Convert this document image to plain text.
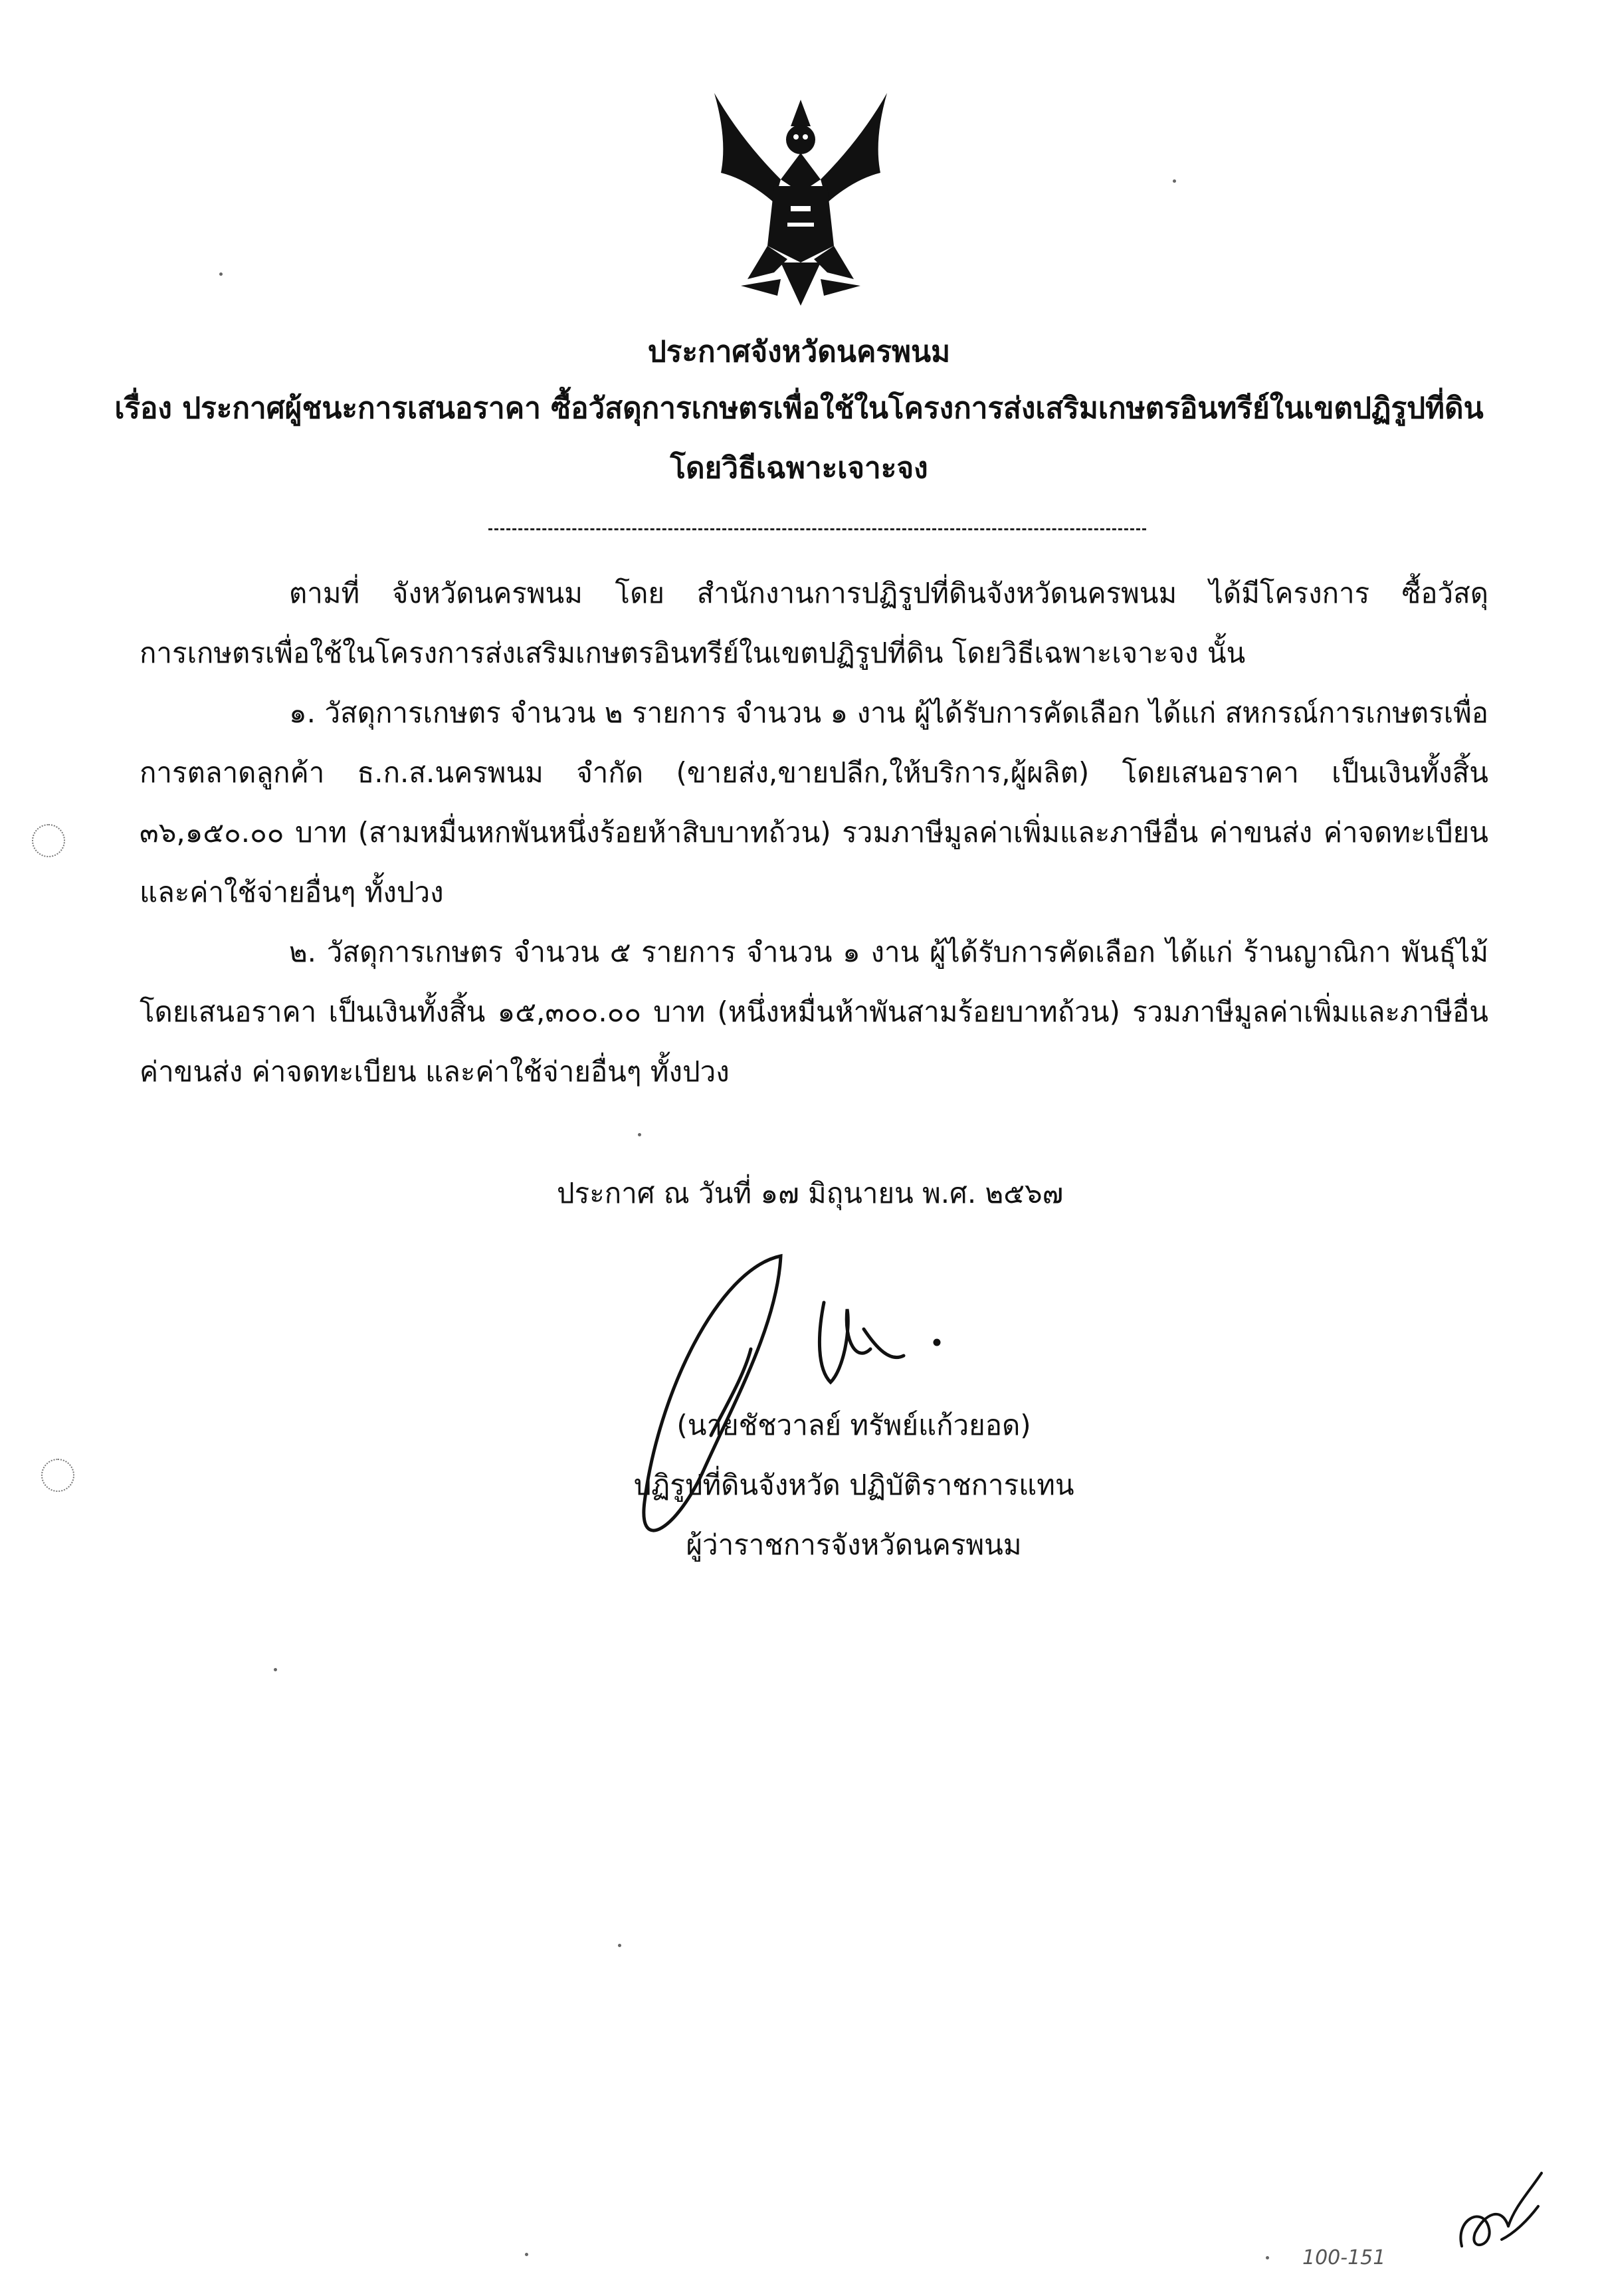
ประกาศจังหวัดนครพนม
เรื่อง ประกาศผู้ชนะการเสนอราคา ซื้อวัสดุการเกษตรเพื่อใช้ในโครงการส่งเสริมเกษตรอินทรีย์ในเขตปฏิรูปที่ดิน
โดยวิธีเฉพาะเจาะจง
ตามที่ จังหวัดนครพนม โดย สำนักงานการปฏิรูปที่ดินจังหวัดนครพนม ได้มีโครงการ ซื้อวัสดุการเกษตรเพื่อใช้ในโครงการส่งเสริมเกษตรอินทรีย์ในเขตปฏิรูปที่ดิน โดยวิธีเฉพาะเจาะจง นั้น
๑. วัสดุการเกษตร จำนวน ๒ รายการ จำนวน ๑ งาน ผู้ได้รับการคัดเลือก ได้แก่ สหกรณ์การเกษตรเพื่อการตลาดลูกค้า ธ.ก.ส.นครพนม จำกัด (ขายส่ง,ขายปลีก,ให้บริการ,ผู้ผลิต) โดยเสนอราคา เป็นเงินทั้งสิ้น ๓๖,๑๕๐.๐๐ บาท (สามหมื่นหกพันหนึ่งร้อยห้าสิบบาทถ้วน) รวมภาษีมูลค่าเพิ่มและภาษีอื่น ค่าขนส่ง ค่าจดทะเบียน และค่าใช้จ่ายอื่นๆ ทั้งปวง
๒. วัสดุการเกษตร จำนวน ๕ รายการ จำนวน ๑ งาน ผู้ได้รับการคัดเลือก ได้แก่ ร้านญาณิกา พันธุ์ไม้ โดยเสนอราคา เป็นเงินทั้งสิ้น ๑๕,๓๐๐.๐๐ บาท (หนึ่งหมื่นห้าพันสามร้อยบาทถ้วน) รวมภาษีมูลค่าเพิ่มและภาษีอื่น ค่าขนส่ง ค่าจดทะเบียน และค่าใช้จ่ายอื่นๆ ทั้งปวง
ประกาศ ณ วันที่ ๑๗ มิถุนายน พ.ศ. ๒๕๖๗
(นายชัชวาลย์ ทรัพย์แก้วยอด)
ปฏิรูปที่ดินจังหวัด ปฏิบัติราชการแทน
ผู้ว่าราชการจังหวัดนครพนม
100-151
